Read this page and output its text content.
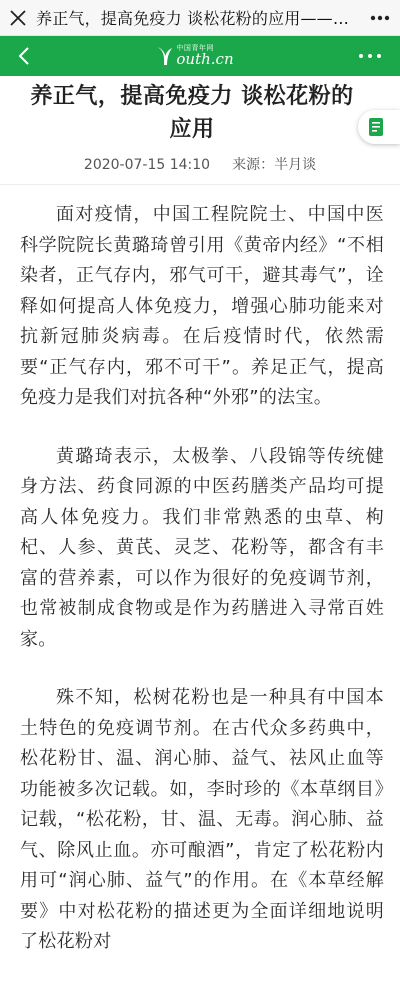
养正气，提高免疫力 谈松花粉的应用——…
中国青年网
outh.cn
养正气，提高免疫力 谈松花粉的应用
2020-07-15 14:10 来源：半月谈

面对疫情，中国工程院院士、中国中医科学院院长黄璐琦曾引用《黄帝内经》“不相染者，正气存内，邪气可干，避其毒气”，诠释如何提高人体免疫力，增强心肺功能来对抗新冠肺炎病毒。在后疫情时代，依然需要“正气存内，邪不可干”。养足正气，提高免疫力是我们对抗各种“外邪”的法宝。

黄璐琦表示，太极拳、八段锦等传统健身方法、药食同源的中医药膳类产品均可提高人体免疫力。我们非常熟悉的虫草、枸杞、人参、黄芪、灵芝、花粉等，都含有丰富的营养素，可以作为很好的免疫调节剂，也常被制成食物或是作为药膳进入寻常百姓家。

殊不知，松树花粉也是一种具有中国本土特色的免疫调节剂。在古代众多药典中，松花粉甘、温、润心肺、益气、祛风止血等功能被多次记载。如，李时珍的《本草纲目》记载，“松花粉，甘、温、无毒。润心肺、益气、除风止血。亦可酿酒”，肯定了松花粉内用可“润心肺、益气”的作用。在《本草经解要》中对松花粉的描述更为全面详细地说明了松花粉对
